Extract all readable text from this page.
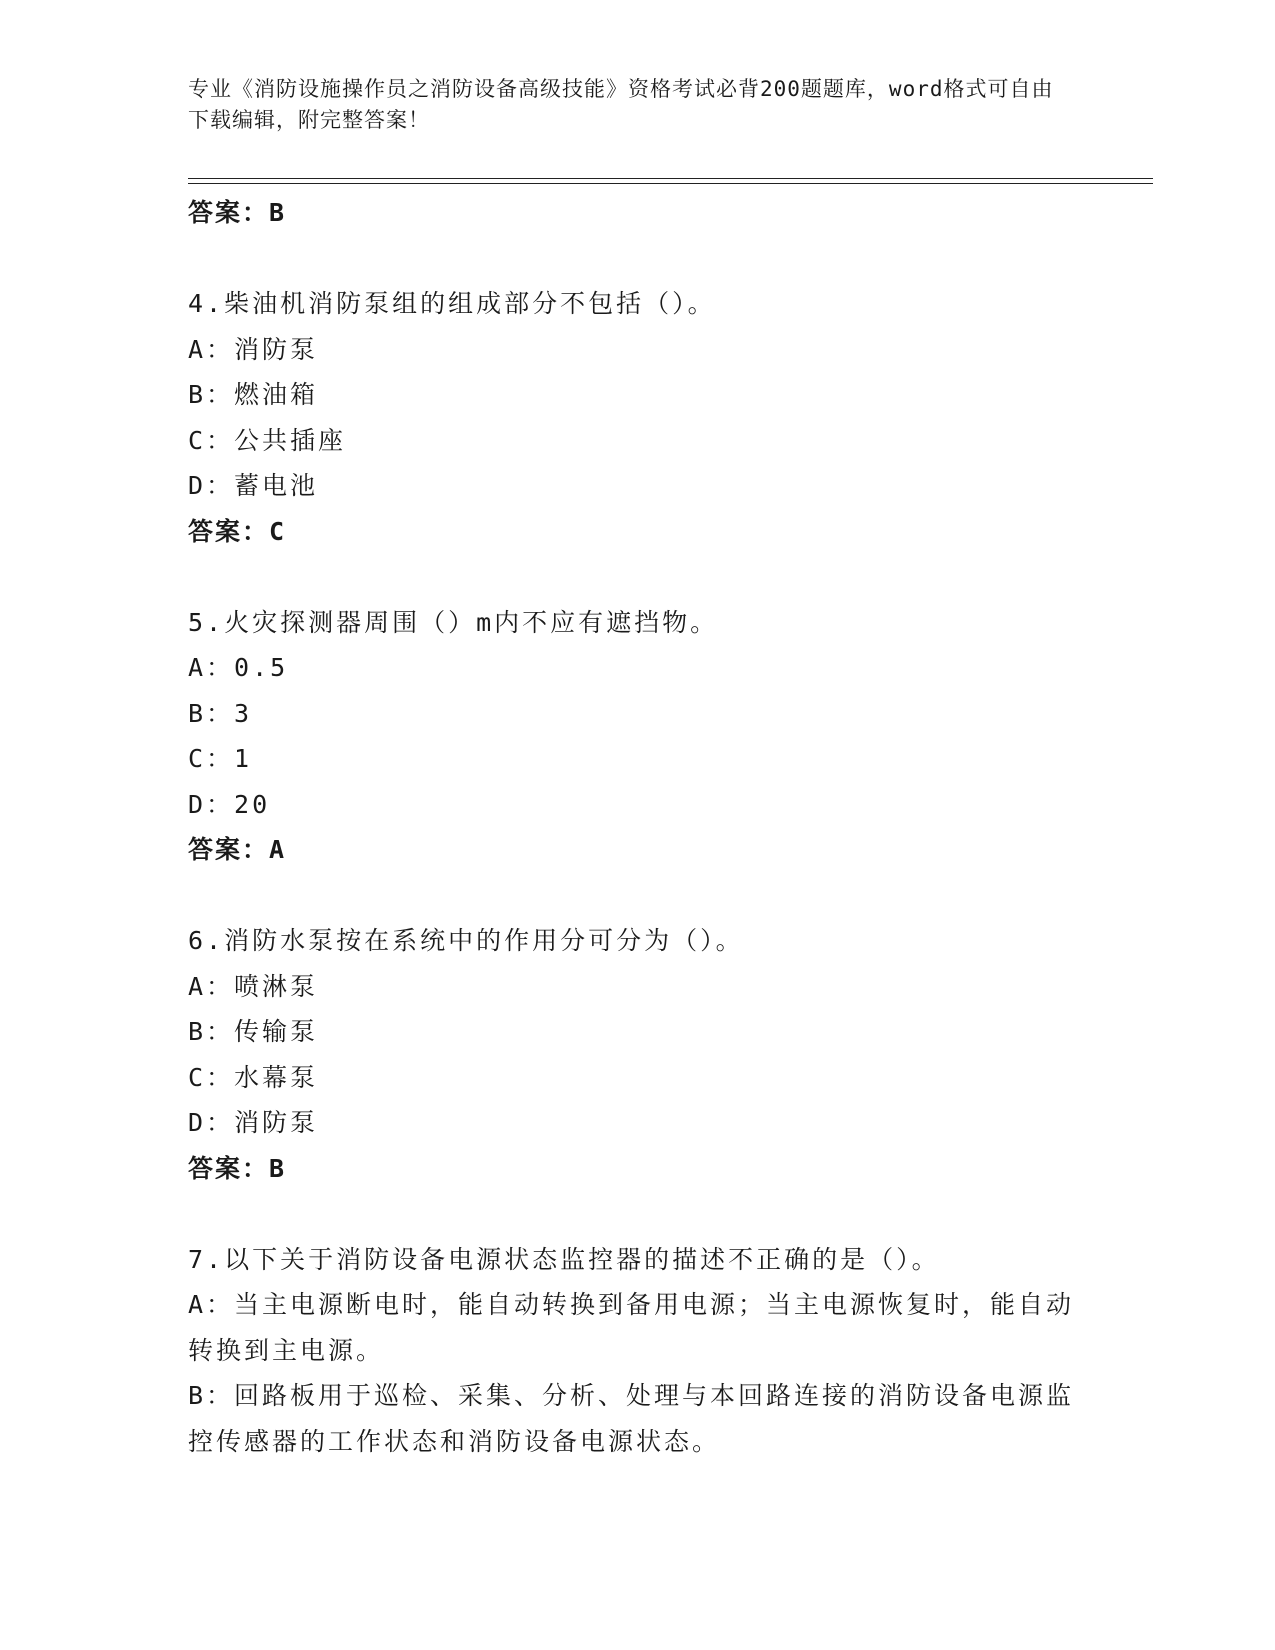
专业《消防设施操作员之消防设备高级技能》资格考试必背200题题库，word格式可自由下载编辑，附完整答案！
答案：B
4.柴油机消防泵组的组成部分不包括（）。
A：消防泵
B：燃油箱
C：公共插座
D：蓄电池
答案：C
5.火灾探测器周围（）m内不应有遮挡物。
A：0.5
B：3
C：1
D：20
答案：A
6.消防水泵按在系统中的作用分可分为（）。
A：喷淋泵
B：传输泵
C：水幕泵
D：消防泵
答案：B
7.以下关于消防设备电源状态监控器的描述不正确的是（）。
A：当主电源断电时，能自动转换到备用电源；当主电源恢复时，能自动转换到主电源。
B：回路板用于巡检、采集、分析、处理与本回路连接的消防设备电源监控传感器的工作状态和消防设备电源状态。
